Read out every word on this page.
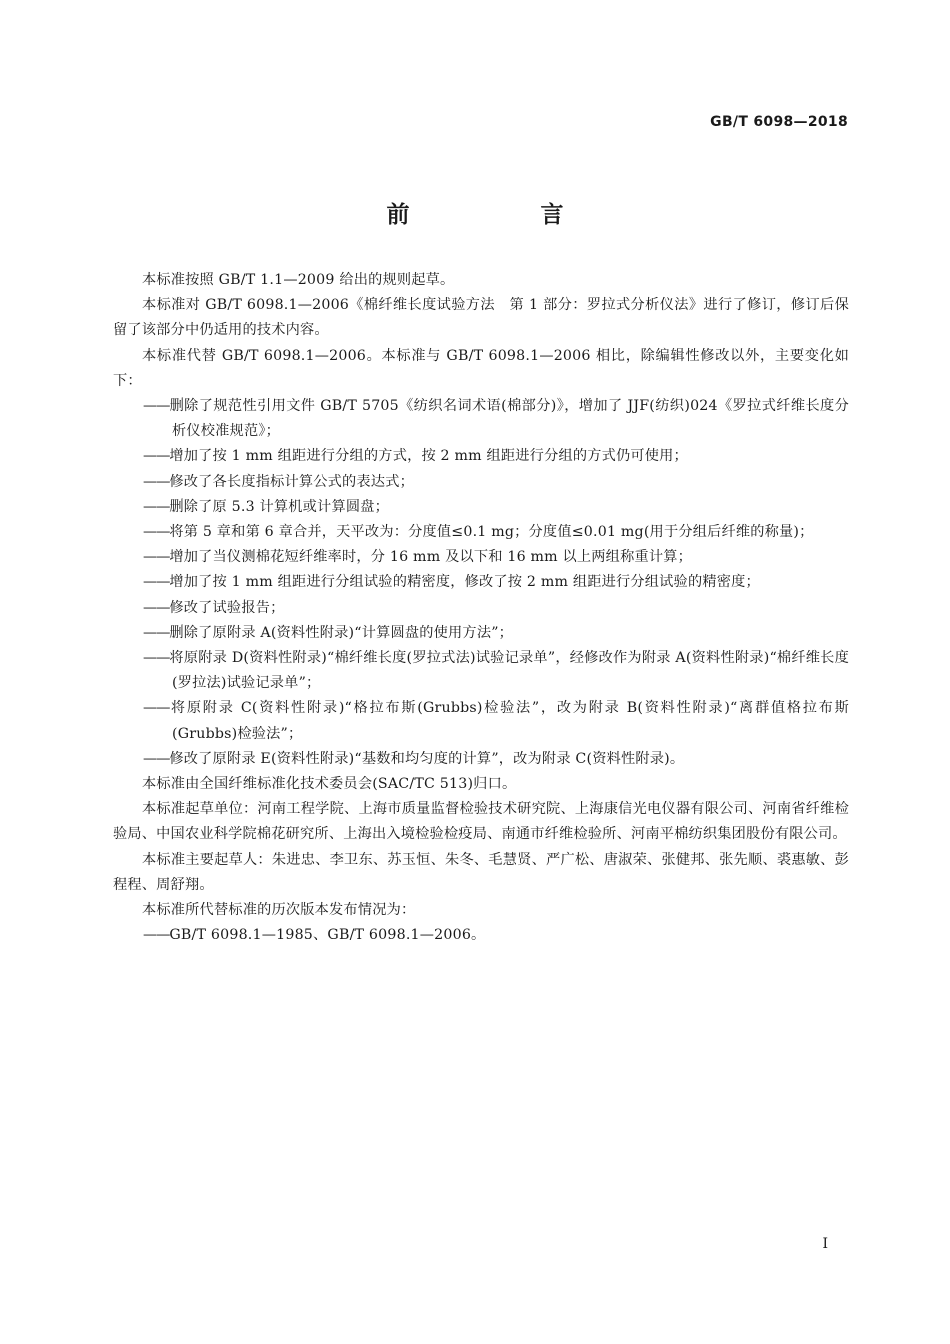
GB/T 6098—2018
前　言

本标准按照 GB/T 1.1—2009 给出的规则起草。

本标准对 GB/T 6098.1—2006《棉纤维长度试验方法　第 1 部分：罗拉式分析仪法》进行了修订，修订后保留了该部分中仍适用的技术内容。

本标准代替 GB/T 6098.1—2006。本标准与 GB/T 6098.1—2006 相比，除编辑性修改以外，主要变化如下：

——删除了规范性引用文件 GB/T 5705《纺织名词术语(棉部分)》，增加了 JJF(纺织)024《罗拉式纤维长度分析仪校准规范》；

——增加了按 1 mm 组距进行分组的方式，按 2 mm 组距进行分组的方式仍可使用；

——修改了各长度指标计算公式的表达式；

——删除了原 5.3 计算机或计算圆盘；

——将第 5 章和第 6 章合并，天平改为：分度值≤0.1 mg；分度值≤0.01 mg(用于分组后纤维的称量)；

——增加了当仪测棉花短纤维率时，分 16 mm 及以下和 16 mm 以上两组称重计算；

——增加了按 1 mm 组距进行分组试验的精密度，修改了按 2 mm 组距进行分组试验的精密度；

——修改了试验报告；

——删除了原附录 A(资料性附录)“计算圆盘的使用方法”；

——将原附录 D(资料性附录)“棉纤维长度(罗拉式法)试验记录单”，经修改作为附录 A(资料性附录)“棉纤维长度(罗拉法)试验记录单”；

——将原附录 C(资料性附录)“格拉布斯(Grubbs)检验法”，改为附录 B(资料性附录)“离群值格拉布斯(Grubbs)检验法”；

——修改了原附录 E(资料性附录)“基数和均匀度的计算”，改为附录 C(资料性附录)。

本标准由全国纤维标准化技术委员会(SAC/TC 513)归口。

本标准起草单位：河南工程学院、上海市质量监督检验技术研究院、上海康信光电仪器有限公司、河南省纤维检验局、中国农业科学院棉花研究所、上海出入境检验检疫局、南通市纤维检验所、河南平棉纺织集团股份有限公司。

本标准主要起草人：朱进忠、李卫东、苏玉恒、朱冬、毛慧贤、严广松、唐淑荣、张健邦、张先顺、裘惠敏、彭程程、周舒翔。

本标准所代替标准的历次版本发布情况为：

——GB/T 6098.1—1985、GB/T 6098.1—2006。

I
